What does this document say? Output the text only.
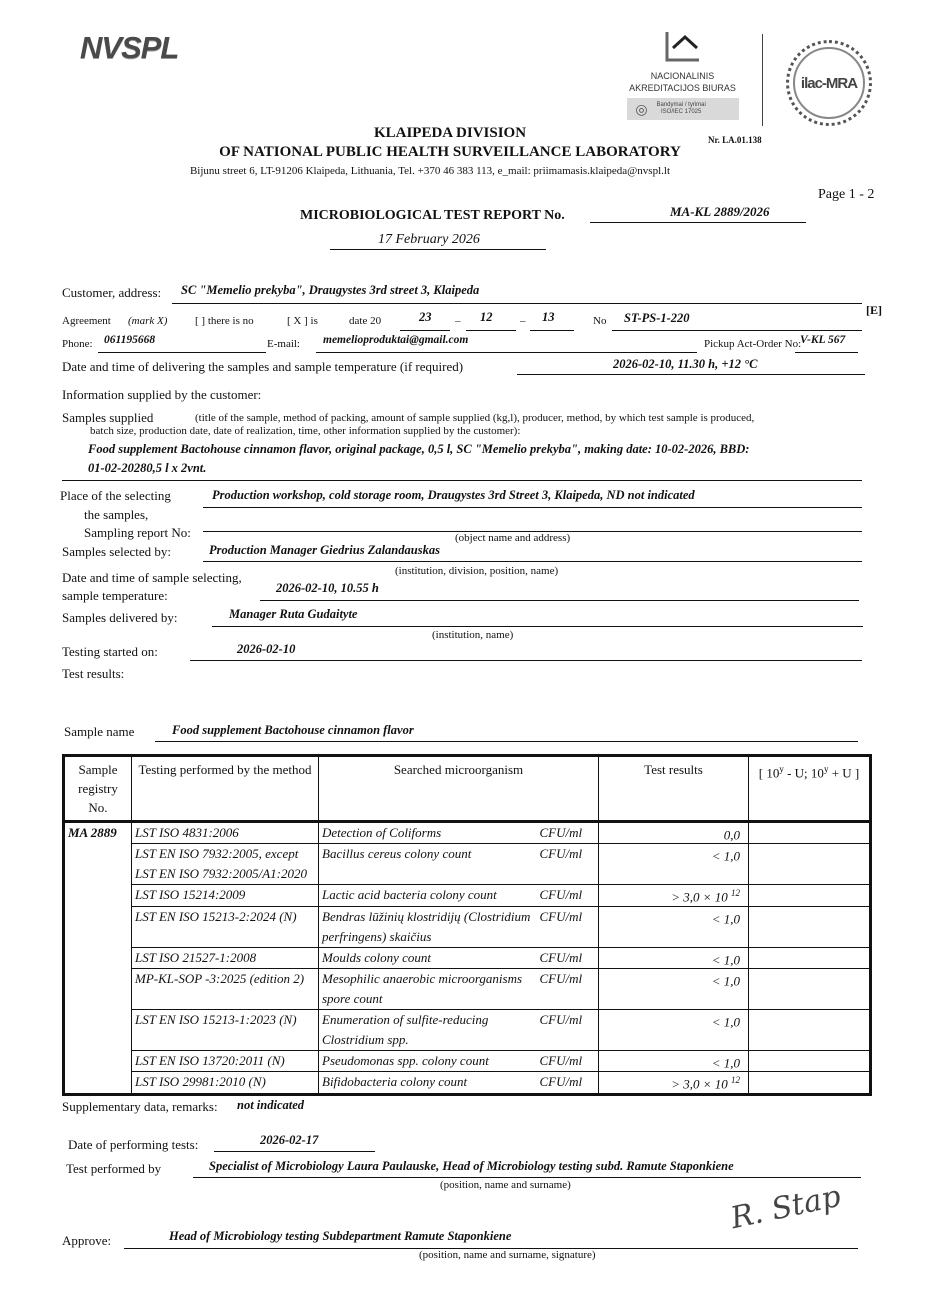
NVSPL
NACIONALINIS
AKREDITACIJOS BIURAS
◎	Bandymai / tyrimai
ISO/IEC 17025
ilac-MRA
Nr. LA.01.138
KLAIPEDA DIVISION
OF NATIONAL PUBLIC HEALTH SURVEILLANCE LABORATORY
Bijunu street 6, LT-91206 Klaipeda, Lithuania, Tel. +370 46 383 113, e_mail: priimamasis.klaipeda@nvspl.lt
Page 1 - 2
MICROBIOLOGICAL TEST REPORT No.	MA-KL 2889/2026
17 February 2026
Customer, address: SC "Memelio prekyba", Draugystes 3rd street 3, Klaipeda
[E]
Agreement (mark X)	[ ] there is no	[ X ] is	date 20	23 – 12	– 13	No ST-PS-1-220
Phone: 061195668	E-mail: memelioproduktai@gmail.com	Pickup Act-Order No:
V-KL 567
Date and time of delivering the samples and sample temperature (if required)	2026-02-10, 11.30 h, +12 °C
Information supplied by the customer:
Samples supplied	(title of the sample, method of packing, amount of sample supplied (kg,l), producer, method, by which test sample is produced,
batch size, production date, date of realization, time, other information supplied by the customer):
Food supplement Bactohouse cinnamon flavor, original package, 0,5 l, SC "Memelio prekyba", making date: 10-02-2026, BBD:
01-02-20280,5 l x 2vnt.
Place of the selecting
the samples,
Sampling report No:
Production workshop, cold storage room, Draugystes 3rd Street 3, Klaipeda, ND not indicated
(object name and address)
Samples selected by:	Production Manager Giedrius Zalandauskas
(institution, division, position, name)
Date and time of sample selecting,
sample temperature:	2026-02-10, 10.55 h
Samples delivered by:	Manager Ruta Gudaityte
(institution, name)
Testing started on:	2026-02-10
Test results:
Sample name	Food supplement Bactohouse cinnamon flavor
Sample registry No.	Testing performed by the method	Searched microorganism		Test results	[ 10$^y$ - U; $10^y + U$ ]
MA 2889	LST ISO 4831:2006	Detection of Coliforms	CFU/ml	0,0	
	LST EN ISO 7932:2005, except LST EN ISO 7932:2005/A1:2020	Bacillus cereus colony count	CFU/ml	< 1,0	
	LST ISO 15214:2009	Lactic acid bacteria colony count	CFU/ml	> 3,0 × 10 $^{12}$	
	LST EN ISO 15213-2:2024 (N)	Bendras lūžinių klostridijų (Clostridium perfringens) skaičius	CFU/ml	< 1,0	
	LST ISO 21527-1:2008	Moulds colony count	CFU/ml	< 1,0	
	MP-KL-SOP -3:2025 (edition 2)	Mesophilic anaerobic microorganisms spore count	CFU/ml	< 1,0	
	LST EN ISO 15213-1:2023 (N)	Enumeration of sulfite-reducing Clostridium spp.	CFU/ml	< 1,0	
	LST EN ISO 13720:2011 (N)	Pseudomonas spp. colony count	CFU/ml	< 1,0	
	LST ISO 29981:2010 (N)	Bifidobacteria colony count	CFU/ml	> 3,0 × 10 $^{12}$	
Supplementary data, remarks: not indicated
Date of performing tests:	2026-02-17
Test performed by	Specialist of Microbiology Laura Paulauske, Head of Microbiology testing subd. Ramute Staponkiene
(position, name and surname)	R. Stap
Approve:	Head of Microbiology testing Subdepartment Ramute Staponkiene
(position, name and surname, signature)
